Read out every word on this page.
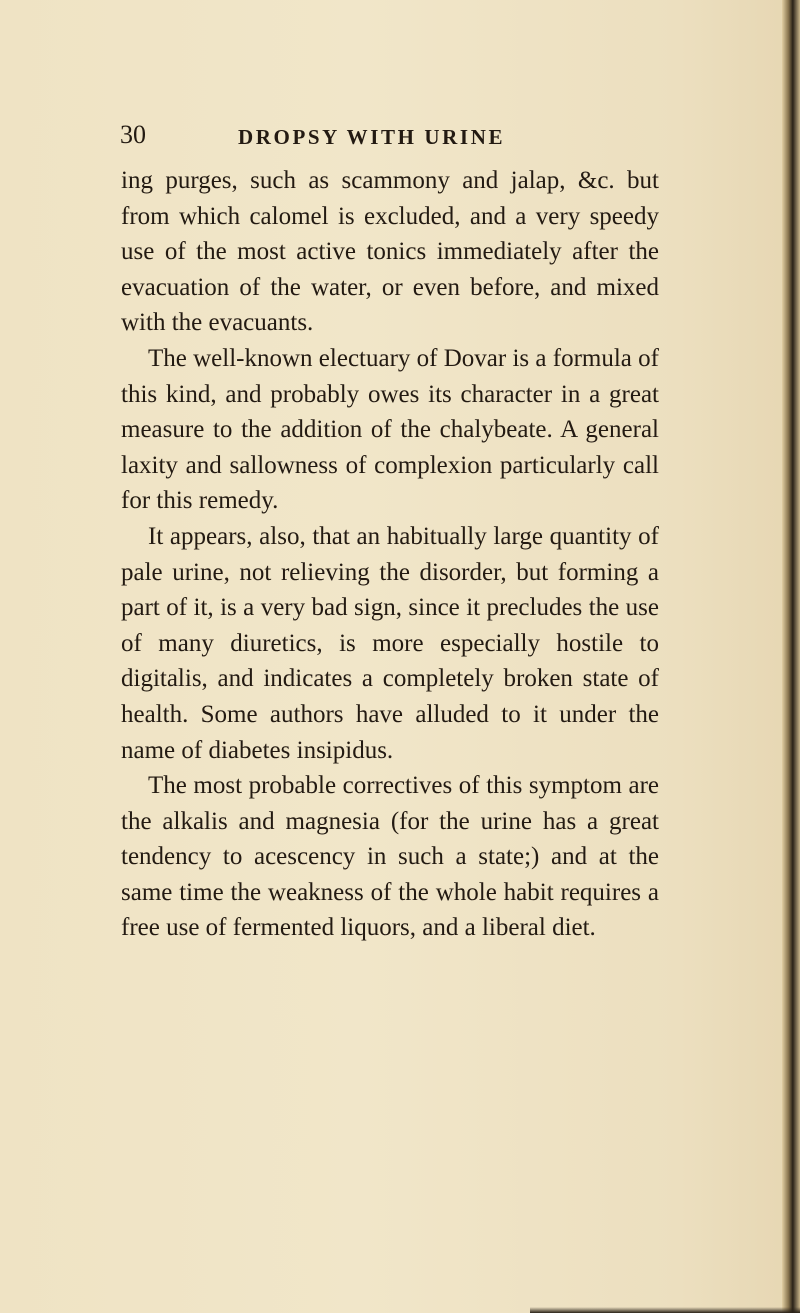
30	DROPSY WITH URINE

ing purges, such as scammony and jalap, &c. but from which calomel is excluded, and a very speedy use of the most active tonics immediately after the evacuation of the water, or even before, and mixed with the evacuants.

The well-known electuary of Dovar is a formula of this kind, and probably owes its character in a great measure to the addition of the chalybeate. A general laxity and sallowness of complexion particularly call for this remedy.

It appears, also, that an habitually large quantity of pale urine, not relieving the disorder, but forming a part of it, is a very bad sign, since it precludes the use of many diuretics, is more especially hostile to digitalis, and indicates a completely broken state of health. Some authors have alluded to it under the name of diabetes insipidus.

The most probable correctives of this symptom are the alkalis and magnesia (for the urine has a great tendency to acescency in such a state;) and at the same time the weakness of the whole habit requires a free use of fermented liquors, and a liberal diet.
